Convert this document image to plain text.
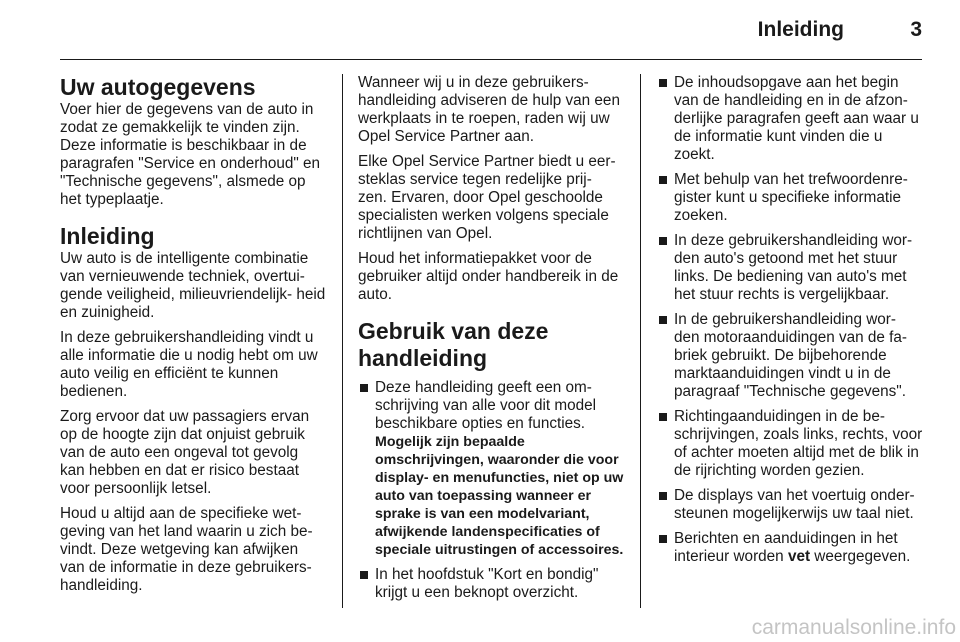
Inleiding	3
Uw autogegevens

Voer hier de gegevens van de auto in zodat ze gemakkelijk te vinden zijn. Deze informatie is beschikbaar in de paragrafen "Service en onderhoud" en "Technische gegevens", alsmede op het typeplaatje.

Inleiding

Uw auto is de intelligente combinatie van vernieuwende techniek, overtui- gende veiligheid, milieuvriendelijk- heid en zuinigheid.

In deze gebruikershandleiding vindt u alle informatie die u nodig hebt om uw auto veilig en efficiënt te kunnen bedienen.

Zorg ervoor dat uw passagiers ervan op de hoogte zijn dat onjuist gebruik van de auto een ongeval tot gevolg kan hebben en dat er risico bestaat voor persoonlijk letsel.

Houd u altijd aan de specifieke wet- geving van het land waarin u zich be- vindt. Deze wetgeving kan afwijken van de informatie in deze gebruikers- handleiding.

Wanneer wij u in deze gebruikers- handleiding adviseren de hulp van een werkplaats in te roepen, raden wij uw Opel Service Partner aan.

Elke Opel Service Partner biedt u eer- steklas service tegen redelijke prij- zen. Ervaren, door Opel geschoolde specialisten werken volgens speciale richtlijnen van Opel.

Houd het informatiepakket voor de gebruiker altijd onder handbereik in de auto.

Gebruik van deze handleiding
Deze handleiding geeft een om- schrijving van alle voor dit model beschikbare opties en functies.
Mogelijk zijn bepaalde omschrijvingen, waaronder die voor display- en menufuncties, niet op uw auto van toepassing wanneer er sprake is van een modelvariant, afwijkende landenspecificaties of speciale uitrustingen of accessoires.
In het hoofdstuk "Kort en bondig" krijgt u een beknopt overzicht.
De inhoudsopgave aan het begin van de handleiding en in de afzon- derlijke paragrafen geeft aan waar u de informatie kunt vinden die u zoekt.
Met behulp van het trefwoordenre- gister kunt u specifieke informatie zoeken.
In deze gebruikershandleiding wor- den auto's getoond met het stuur links. De bediening van auto's met het stuur rechts is vergelijkbaar.
In de gebruikershandleiding wor- den motoraanduidingen van de fa- briek gebruikt. De bijbehorende marktaanduidingen vindt u in de paragraaf "Technische gegevens".
Richtingaanduidingen in de be- schrijvingen, zoals links, rechts, voor of achter moeten altijd met de blik in de rijrichting worden gezien.
De displays van het voertuig onder- steunen mogelijkerwijs uw taal niet.
Berichten en aanduidingen in het interieur worden vet weergegeven.
carmanualsonline.info
